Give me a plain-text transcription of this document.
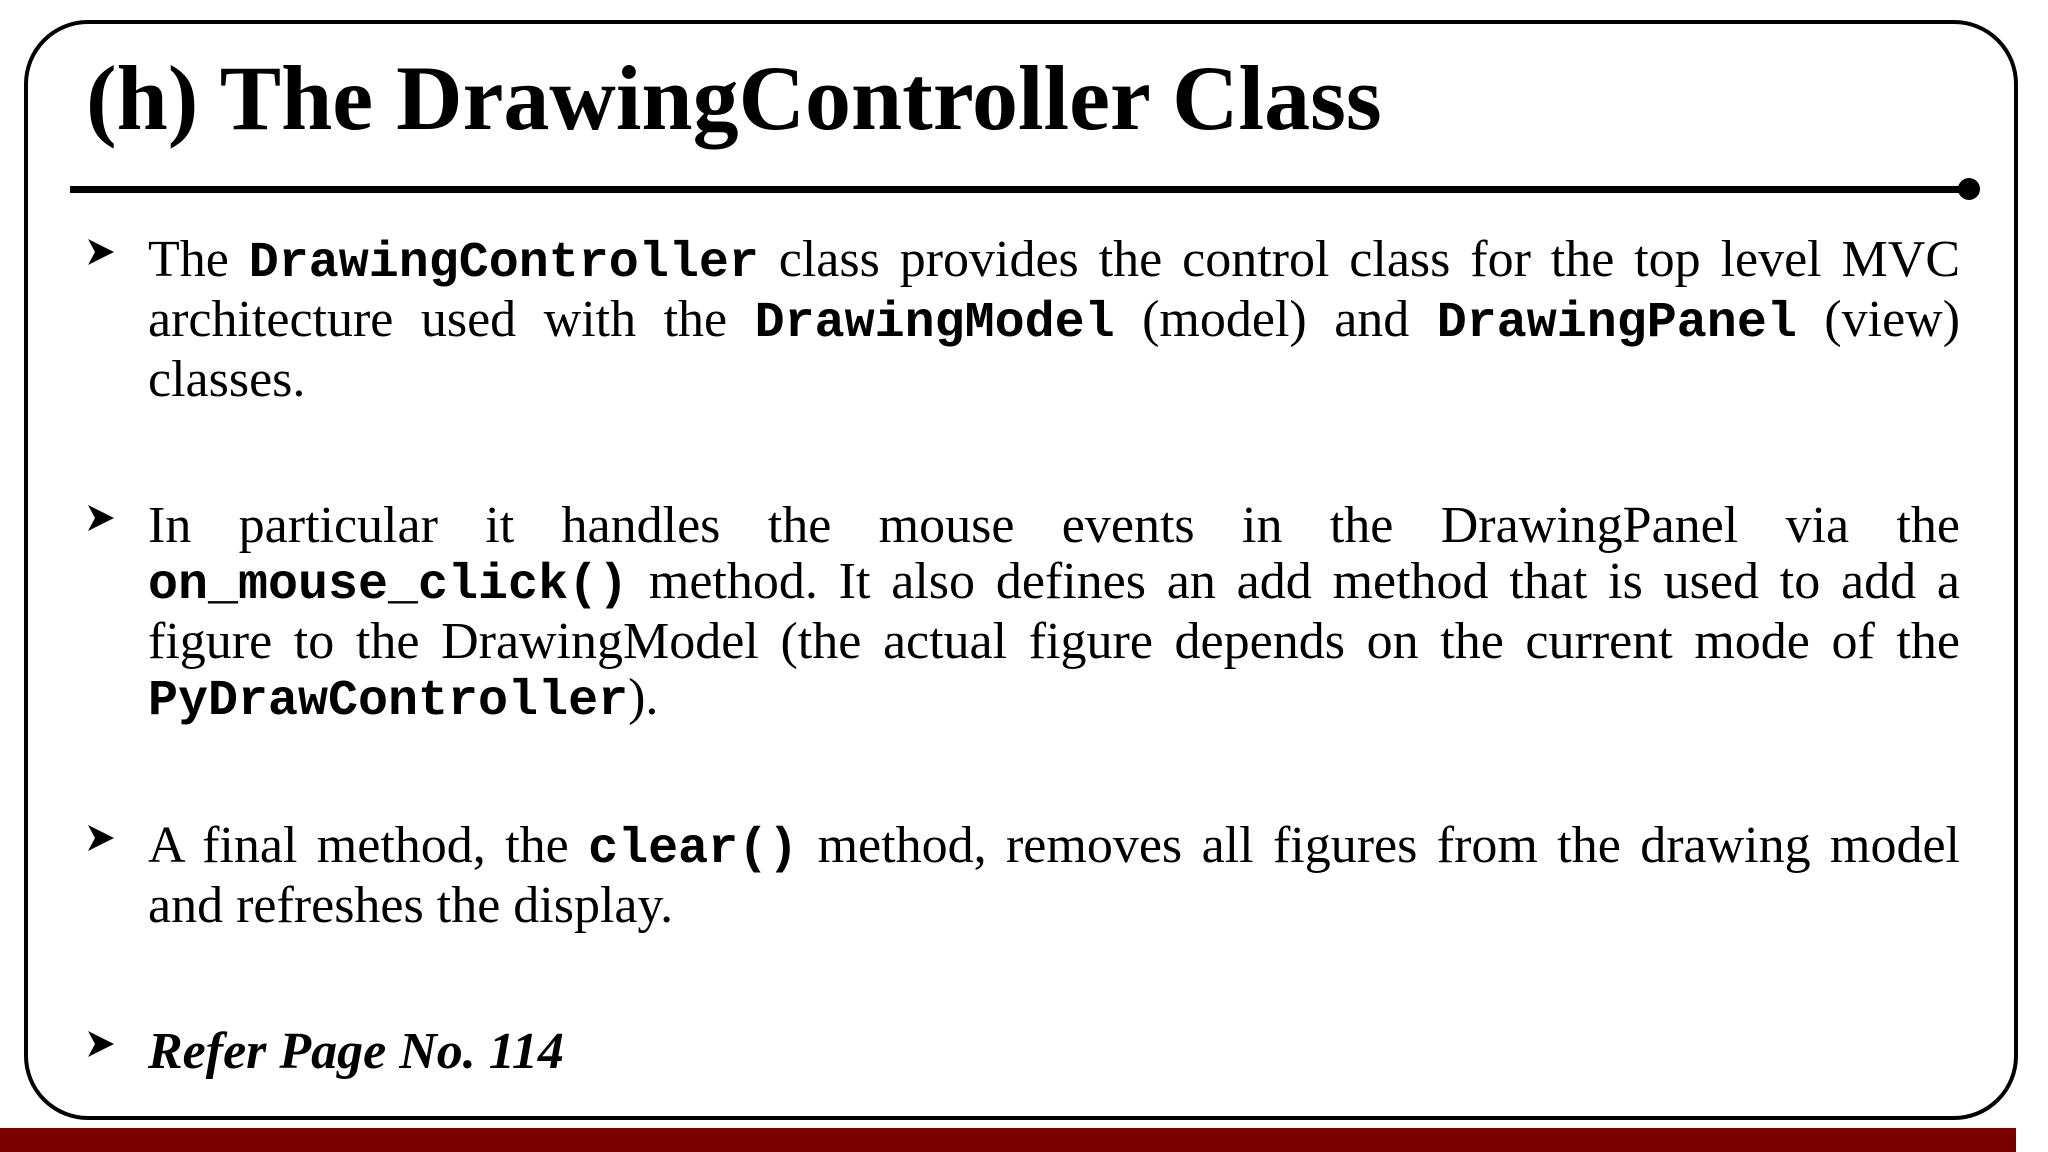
(h) The DrawingController Class
The DrawingController class provides the control class for the top level MVC architecture used with the DrawingModel (model) and DrawingPanel (view) classes.
In particular it handles the mouse events in the DrawingPanel via the on_mouse_click() method. It also defines an add method that is used to add a figure to the DrawingModel (the actual figure depends on the current mode of the PyDrawController).
A final method, the clear() method, removes all figures from the drawing model and refreshes the display.
Refer Page No. 114
